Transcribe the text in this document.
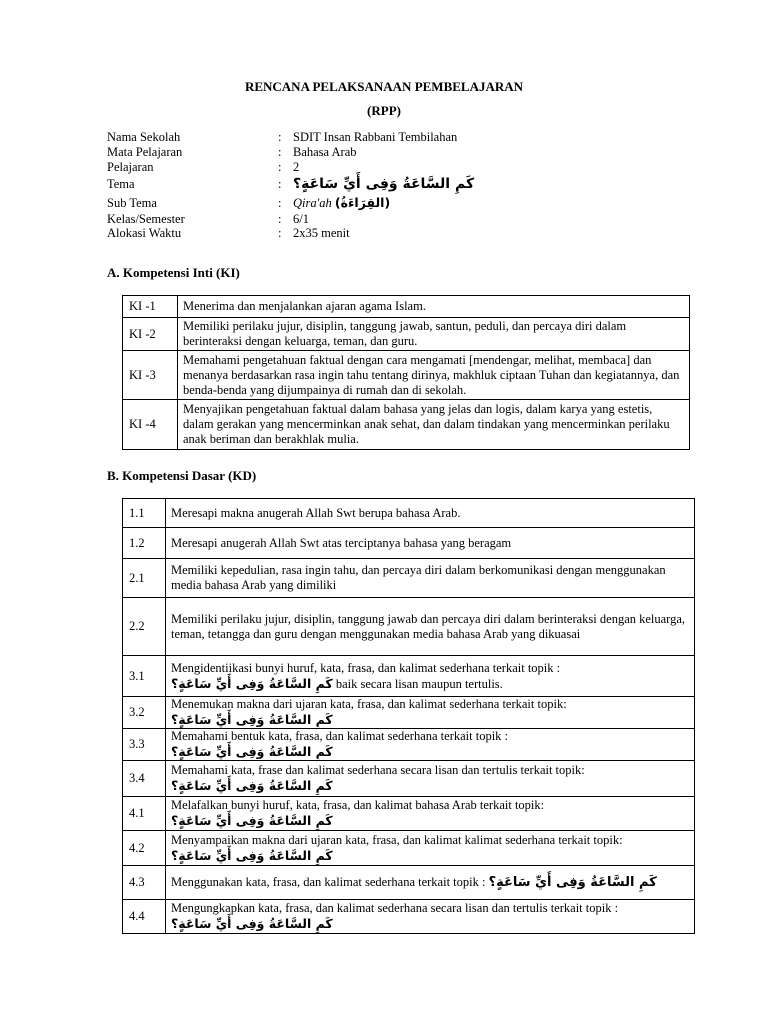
RENCANA PELAKSANAAN PEMBELAJARAN
(RPP)
Nama Sekolah	: SDIT Insan Rabbani Tembilahan
Mata Pelajaran	: Bahasa Arab
Pelajaran	: 2
Tema	: كَمِ السَّاعَةُ وَفِى أَيِّ سَاعَةٍ؟
Sub Tema	: Qira'ah (القِرَاءَةُ)
Kelas/Semester	: 6/1
Alokasi Waktu	: 2x35 menit
A. Kompetensi Inti (KI)
KI -1	Menerima dan menjalankan ajaran agama Islam.
KI -2	Memiliki perilaku jujur, disiplin, tanggung jawab, santun, peduli, dan percaya diri dalam berinteraksi dengan keluarga, teman, dan guru.
KI -3	Memahami pengetahuan faktual dengan cara mengamati [mendengar, melihat, membaca] dan menanya berdasarkan rasa ingin tahu tentang dirinya, makhluk ciptaan Tuhan dan kegiatannya, dan benda-benda yang dijumpainya di rumah dan di sekolah.
KI -4	Menyajikan pengetahuan faktual dalam bahasa yang jelas dan logis, dalam karya yang estetis, dalam gerakan yang mencerminkan anak sehat, dan dalam tindakan yang mencerminkan perilaku anak beriman dan berakhlak mulia.
B. Kompetensi Dasar (KD)
1.1	Meresapi makna anugerah Allah Swt berupa bahasa Arab.
1.2	Meresapi anugerah Allah Swt atas terciptanya bahasa yang beragam
2.1	Memiliki kepedulian, rasa ingin tahu, dan percaya diri dalam berkomunikasi dengan menggunakan media bahasa Arab yang dimiliki
2.2	Memiliki perilaku jujur, disiplin, tanggung jawab dan percaya diri dalam berinteraksi dengan keluarga, teman, tetangga dan guru dengan menggunakan media bahasa Arab yang dikuasai
3.1	Mengidentiikasi bunyi huruf, kata, frasa, dan kalimat sederhana terkait topik :
كَمِ السَّاعَةُ وَفِى أَيِّ سَاعَةٍ؟ baik secara lisan maupun tertulis.

3.2	Menemukan makna dari ujaran kata, frasa, dan kalimat sederhana terkait topik:
كَمِ السَّاعَةُ وَفِى أَيِّ سَاعَةٍ؟

3.3	Memahami bentuk kata, frasa, dan kalimat sederhana terkait topik :
كَمِ السَّاعَةُ وَفِى أَيِّ سَاعَةٍ؟

3.4	Memahami kata, frase dan kalimat sederhana secara lisan dan tertulis terkait topik:
كَمِ السَّاعَةُ وَفِى أَيِّ سَاعَةٍ؟

4.1	Melafalkan bunyi huruf, kata, frasa, dan kalimat bahasa Arab terkait topik:
كَمِ السَّاعَةُ وَفِى أَيِّ سَاعَةٍ؟

4.2	Menyampaikan makna dari ujaran kata, frasa, dan kalimat kalimat sederhana terkait topik:
كَمِ السَّاعَةُ وَفِى أَيِّ سَاعَةٍ؟

4.3	Menggunakan kata, frasa, dan kalimat sederhana terkait topik : كَمِ السَّاعَةُ وَفِى أَيِّ سَاعَةٍ؟
4.4	Mengungkapkan kata, frasa, dan kalimat sederhana secara lisan dan tertulis terkait topik :
كَمِ السَّاعَةُ وَفِى أَيِّ سَاعَةٍ؟
